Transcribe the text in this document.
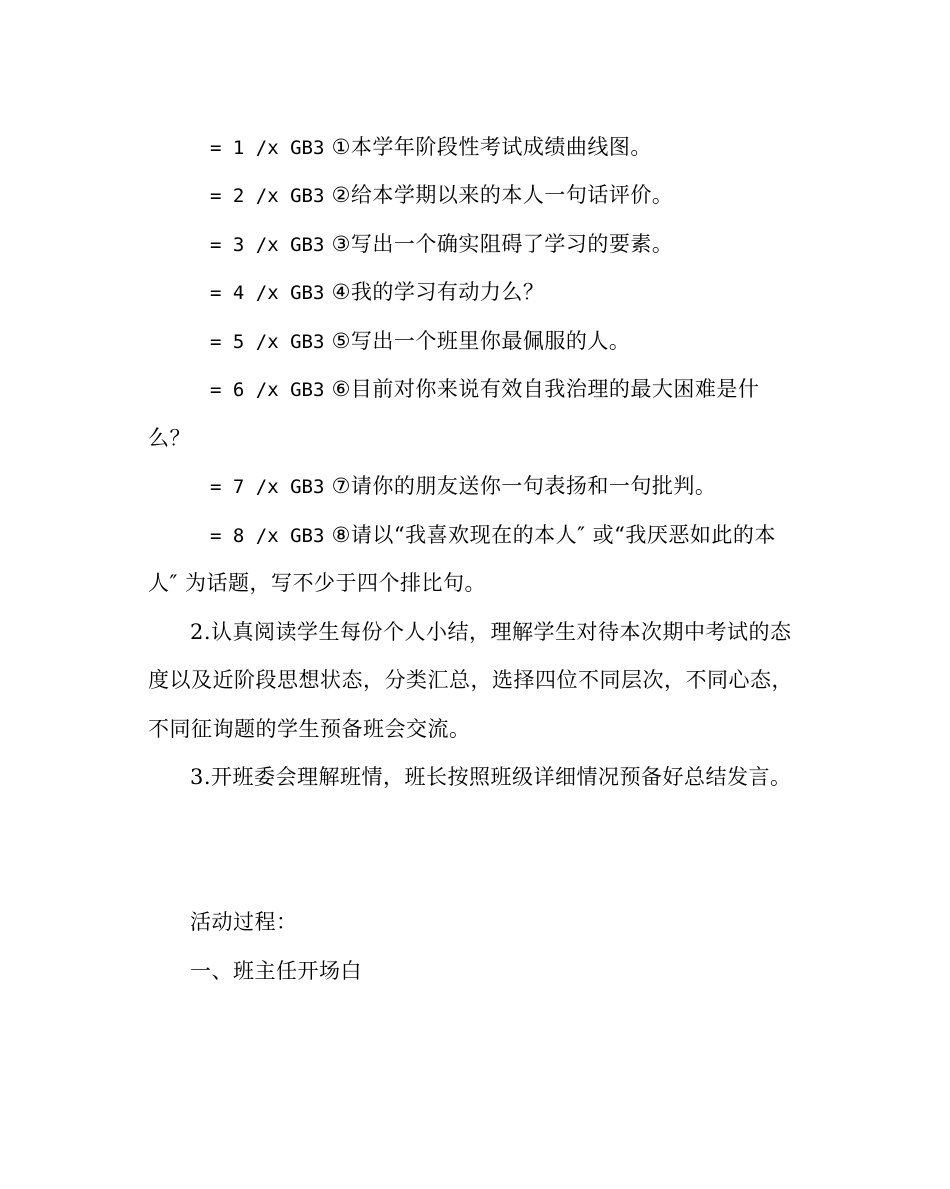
= 1 /x GB3 ①本学年阶段性考试成绩曲线图。
= 2 /x GB3 ②给本学期以来的本人一句话评价。
= 3 /x GB3 ③写出一个确实阻碍了学习的要素。
= 4 /x GB3 ④我的学习有动力么？
= 5 /x GB3 ⑤写出一个班里你最佩服的人。
= 6 /x GB3 ⑥目前对你来说有效自我治理的最大困难是什
么？
= 7 /x GB3 ⑦请你的朋友送你一句表扬和一句批判。
= 8 /x GB3 ⑧请以“我喜欢现在的本人″ 或“我厌恶如此的本
人″ 为话题，写不少于四个排比句。
2.认真阅读学生每份个人小结，理解学生对待本次期中考试的态
度以及近阶段思想状态，分类汇总，选择四位不同层次，不同心态，
不同征询题的学生预备班会交流。
3.开班委会理解班情，班长按照班级详细情况预备好总结发言。
活动过程：
一、班主任开场白
